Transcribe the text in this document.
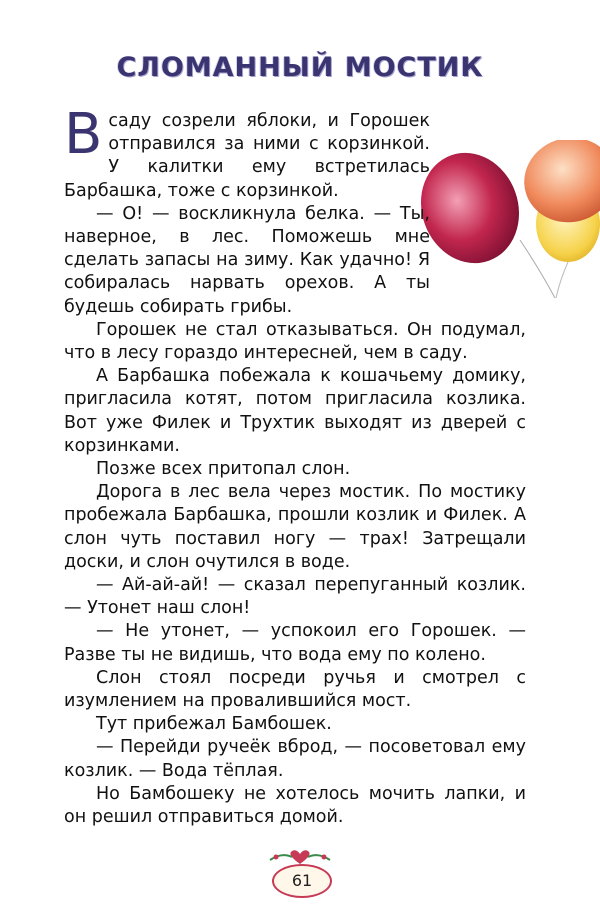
СЛОМАННЫЙ МОСТИК

В саду созрели яблоки, и Горошек отправился за ними с корзинкой. У калитки ему встретилась Барбашка, тоже с корзинкой.

— О! — воскликнула белка. — Ты, наверное, в лес. Поможешь мне сделать запасы на зиму. Как удачно! Я собиралась нарвать орехов. А ты будешь собирать грибы.

Горошек не стал отказываться. Он подумал, что в лесу гораздо интересней, чем в саду.

А Барбашка побежала к кошачьему домику, пригласила котят, потом пригласила козлика. Вот уже Филек и Трухтик выходят из дверей с корзинками.

Позже всех притопал слон.

Дорога в лес вела через мостик. По мостику пробежала Барбашка, прошли козлик и Филек. А слон чуть поставил ногу — трах! Затрещали доски, и слон очутился в воде.

— Ай-ай-ай! — сказал перепуганный козлик. — Утонет наш слон!

— Не утонет, — успокоил его Горошек. — Разве ты не видишь, что вода ему по колено.

Слон стоял посреди ручья и смотрел с изумлением на провалившийся мост.

Тут прибежал Бамбошек.

— Перейди ручеёк вброд, — посоветовал ему козлик. — Вода тёплая.

Но Бамбошеку не хотелось мочить лапки, и он решил отправиться домой.

61
